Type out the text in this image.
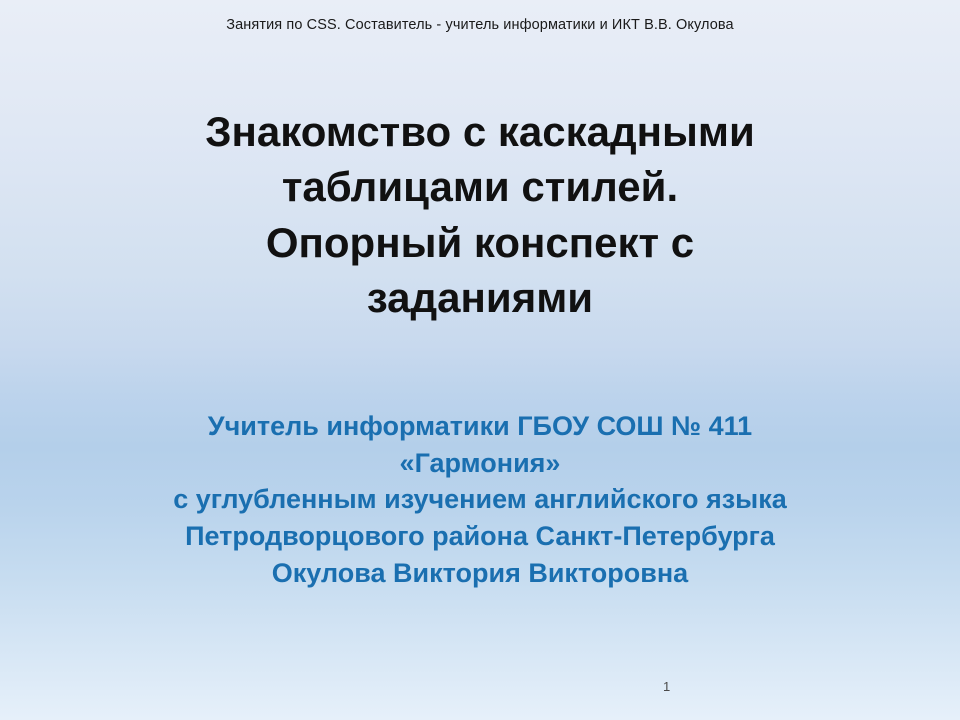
Занятия по CSS. Составитель - учитель информатики и ИКТ В.В. Окулова
Знакомство с каскадными
таблицами стилей.
Опорный конспект с
заданиями
Учитель информатики ГБОУ СОШ № 411
«Гармония»
с углубленным изучением английского языка
Петродворцового района Санкт-Петербурга
Окулова Виктория Викторовна
1
